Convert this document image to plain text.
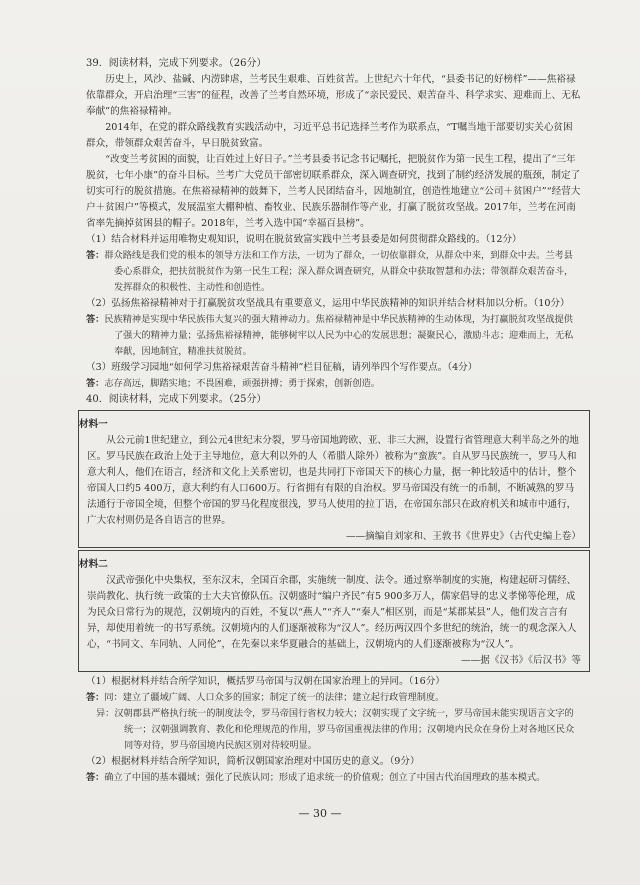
39．阅读材料，完成下列要求。（26分）

历史上，风沙、盐碱、内涝肆虐，兰考民生艰难、百姓贫苦。上世纪六十年代，“县委书记的好榜样”——焦裕禄依靠群众，开启治理“三害”的征程，改善了兰考自然环境，形成了“亲民爱民、艰苦奋斗、科学求实、迎难而上、无私奉献”的焦裕禄精神。

2014年，在党的群众路线教育实践活动中，习近平总书记选择兰考作为联系点，“T嘱当地干部要切实关心贫困群众，带领群众艰苦奋斗，早日脱贫致富。

“改变兰考贫困的面貌，让百姓过上好日子。”兰考县委书记念书记嘱托，把脱贫作为第一民生工程，提出了“三年脱贫，七年小康”的奋斗目标。兰考广大党员干部密切联系群众，深入调查研究，找到了制约经济发展的瓶颈，制定了切实可行的脱贫措施。在焦裕禄精神的鼓舞下，兰考人民团结奋斗，因地制宜，创造性地建立“公司＋贫困户”“经营大户＋贫困户”等模式，发展温室大棚种植、畜牧业、民族乐器制作等产业，打赢了脱贫攻坚战。2017年，兰考在河南省率先摘掉贫困县的帽子。2018年，兰考入选中国“幸福百县榜”。

（1）结合材料并运用唯物史观知识，说明在脱贫致富实践中兰考县委是如何贯彻群众路线的。（12分）

答：群众路线是我们党的根本的领导方法和工作方法，一切为了群众，一切依靠群众，从群众中来，到群众中去。兰考县委心系群众，把扶贫脱贫作为第一民生工程；深入群众调查研究，从群众中获取智慧和办法；带领群众艰苦奋斗，发挥群众的积极性、主动性和创造性。

（2）弘扬焦裕禄精神对于打赢脱贫攻坚战具有重要意义，运用中华民族精神的知识并结合材料加以分析。（10分）

答：民族精神是实现中华民族伟大复兴的强大精神动力。焦裕禄精神是中华民族精神的生动体现，为打赢脱贫攻坚战提供了强大的精神力量；弘扬焦裕禄精神，能够树牢以人民为中心的发展思想；凝聚民心，激励斗志；迎难而上，无私奉献，因地制宜，精准扶贫脱贫。

（3）班级学习园地“如何学习焦裕禄艰苦奋斗精神”栏目征稿，请列举四个写作要点。（4分）

答：志存高远，脚踏实地；不畏困难，顽强拼搏；勇于探索，创新创造。

40．阅读材料，完成下列要求。（25分）

材料一

从公元前1世纪建立，到公元4世纪末分裂，罗马帝国地跨欧、亚、非三大洲，设置行省管理意大利半岛之外的地区。罗马民族在政治上处于主导地位，意大利以外的人（希腊人除外）被称为“蛮族”。自从罗马民族统一，罗马人和意大利人，他们在语言，经济和文化上关系密切，也是共同打下帝国天下的核心力量，据一种比较适中的估计，整个帝国人口约5 400万，意大利约有人口600万。行省拥有有限的自治权。罗马帝国没有统一的币制，不断减熟的罗马法通行于帝国全境，但整个帝国的罗马化程度很浅，罗马人使用的拉丁语，在帝国东部只在政府机关和城市中通行，广大农村则仍是各自语言的世界。

——摘编自刘家和、王敦书《世界史》（古代史编上卷）

材料二

汉武帝强化中央集权，至东汉末，全国百余郡，实施统一制度、法令。通过察举制度的实施，构建起研习儒经、崇尚教化、执行统一政策的士大夫官僚队伍。汉朝盛时“编户齐民”有5 900多万人，儒家倡导的忠义孝悌等伦理，成为民众日常行为的规范，汉朝境内的百姓，不复以“燕人”“齐人”“秦人”相区别，而是“某郡某县”人，他们发言言有异，却使用着统一的书写系统。汉朝境内的人们逐渐被称为“汉人”。经历两汉四个多世纪的统治，统一的观念深入人心，“书同文、车同轨、人同伦”，在先秦以来华夏融合的基础上，汉朝境内的人们逐渐被称为“汉人”。

——据《汉书》《后汉书》等

（1）根据材料并结合所学知识，概括罗马帝国与汉朝在国家治理上的异同。（16分）

答：同：建立了疆域广阔、人口众多的国家；制定了统一的法律；建立起行政管理制度。

异：汉朝郡县严格执行统一的制度法令，罗马帝国行省权力较大；汉朝实现了文字统一，罗马帝国未能实现语言文字的统一；汉朝强调教育、教化和伦理规范的作用，罗马帝国重视法律的作用；汉朝境内民众在身份上对各地区民众同等对待，罗马帝国境内民族区别对待较明显。

（2）根据材料并结合所学知识，简析汉朝国家治理对中国历史的意义。（9分）

答：确立了中国的基本疆域；强化了民族认同；形成了追求统一的价值观；创立了中国古代治国理政的基本模式。

— 30 —
